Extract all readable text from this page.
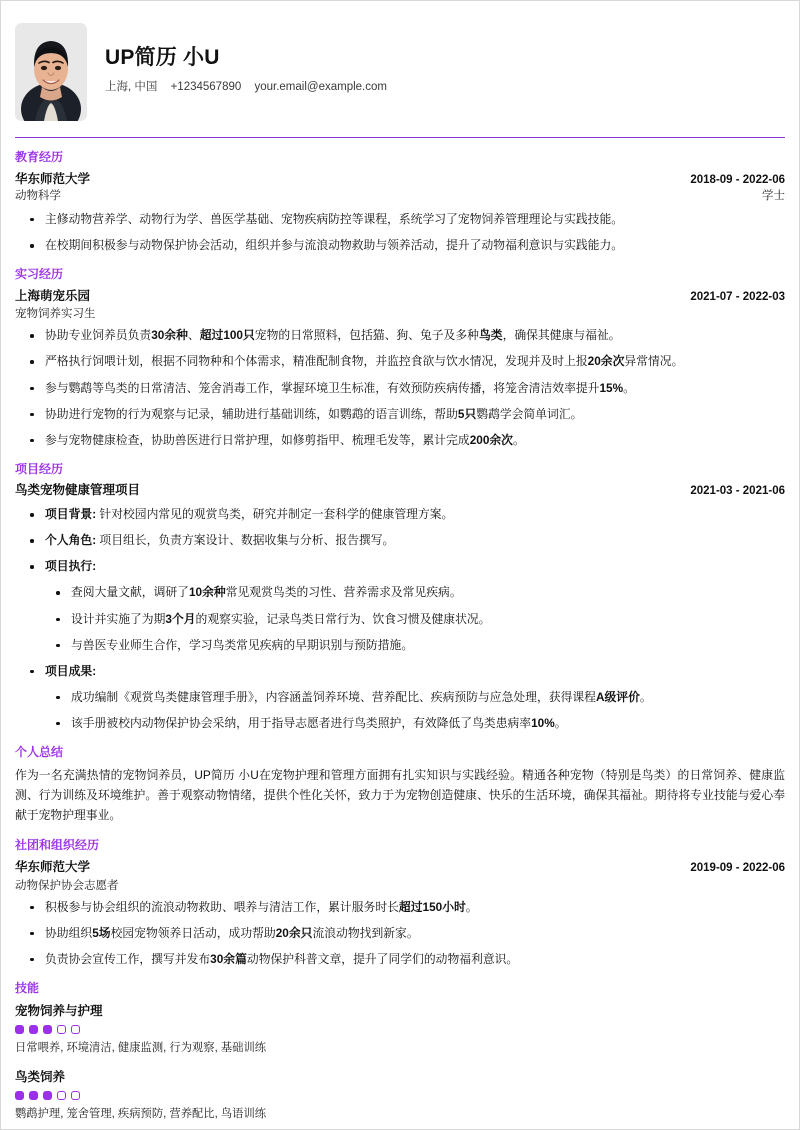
UP简历 小U
上海, 中国 +1234567890 your.email@example.com
教育经历
华东师范大学	2018-09 - 2022-06
动物科学	学士
主修动物营养学、动物行为学、兽医学基础、宠物疾病防控等课程，系统学习了宠物饲养管理理论与实践技能。
在校期间积极参与动物保护协会活动，组织并参与流浪动物救助与领养活动，提升了动物福利意识与实践能力。
实习经历
上海萌宠乐园	2021-07 - 2022-03
宠物饲养实习生
协助专业饲养员负责30余种、超过100只宠物的日常照料，包括猫、狗、兔子及多种鸟类，确保其健康与福祉。
严格执行饲喂计划，根据不同物种和个体需求，精准配制食物，并监控食欲与饮水情况，发现并及时上报20余次异常情况。
参与鹦鹉等鸟类的日常清洁、笼舍消毒工作，掌握环境卫生标准，有效预防疾病传播，将笼舍清洁效率提升15%。
协助进行宠物的行为观察与记录，辅助进行基础训练，如鹦鹉的语言训练，帮助5只鹦鹉学会简单词汇。
参与宠物健康检查，协助兽医进行日常护理，如修剪指甲、梳理毛发等，累计完成200余次。
项目经历
鸟类宠物健康管理项目	2021-03 - 2021-06
项目背景: 针对校园内常见的观赏鸟类，研究并制定一套科学的健康管理方案。
个人角色: 项目组长，负责方案设计、数据收集与分析、报告撰写。
项目执行:
查阅大量文献，调研了10余种常见观赏鸟类的习性、营养需求及常见疾病。
设计并实施了为期3个月的观察实验，记录鸟类日常行为、饮食习惯及健康状况。
与兽医专业师生合作，学习鸟类常见疾病的早期识别与预防措施。
项目成果:
成功编制《观赏鸟类健康管理手册》，内容涵盖饲养环境、营养配比、疾病预防与应急处理，获得课程A级评价。
该手册被校内动物保护协会采纳，用于指导志愿者进行鸟类照护，有效降低了鸟类患病率10%。
个人总结
作为一名充满热情的宠物饲养员，UP简历 小U在宠物护理和管理方面拥有扎实知识与实践经验。精通各种宠物（特别是鸟类）的日常饲养、健康监测、行为训练及环境维护。善于观察动物情绪，提供个性化关怀，致力于为宠物创造健康、快乐的生活环境，确保其福祉。期待将专业技能与爱心奉献于宠物护理事业。
社团和组织经历
华东师范大学	2019-09 - 2022-06
动物保护协会志愿者
积极参与协会组织的流浪动物救助、喂养与清洁工作，累计服务时长超过150小时。
协助组织5场校园宠物领养日活动，成功帮助20余只流浪动物找到新家。
负责协会宣传工作，撰写并发布30余篇动物保护科普文章，提升了同学们的动物福利意识。
技能
宠物饲养与护理
日常喂养, 环境清洁, 健康监测, 行为观察, 基础训练
鸟类饲养
鹦鹉护理, 笼舍管理, 疾病预防, 营养配比, 鸟语训练
